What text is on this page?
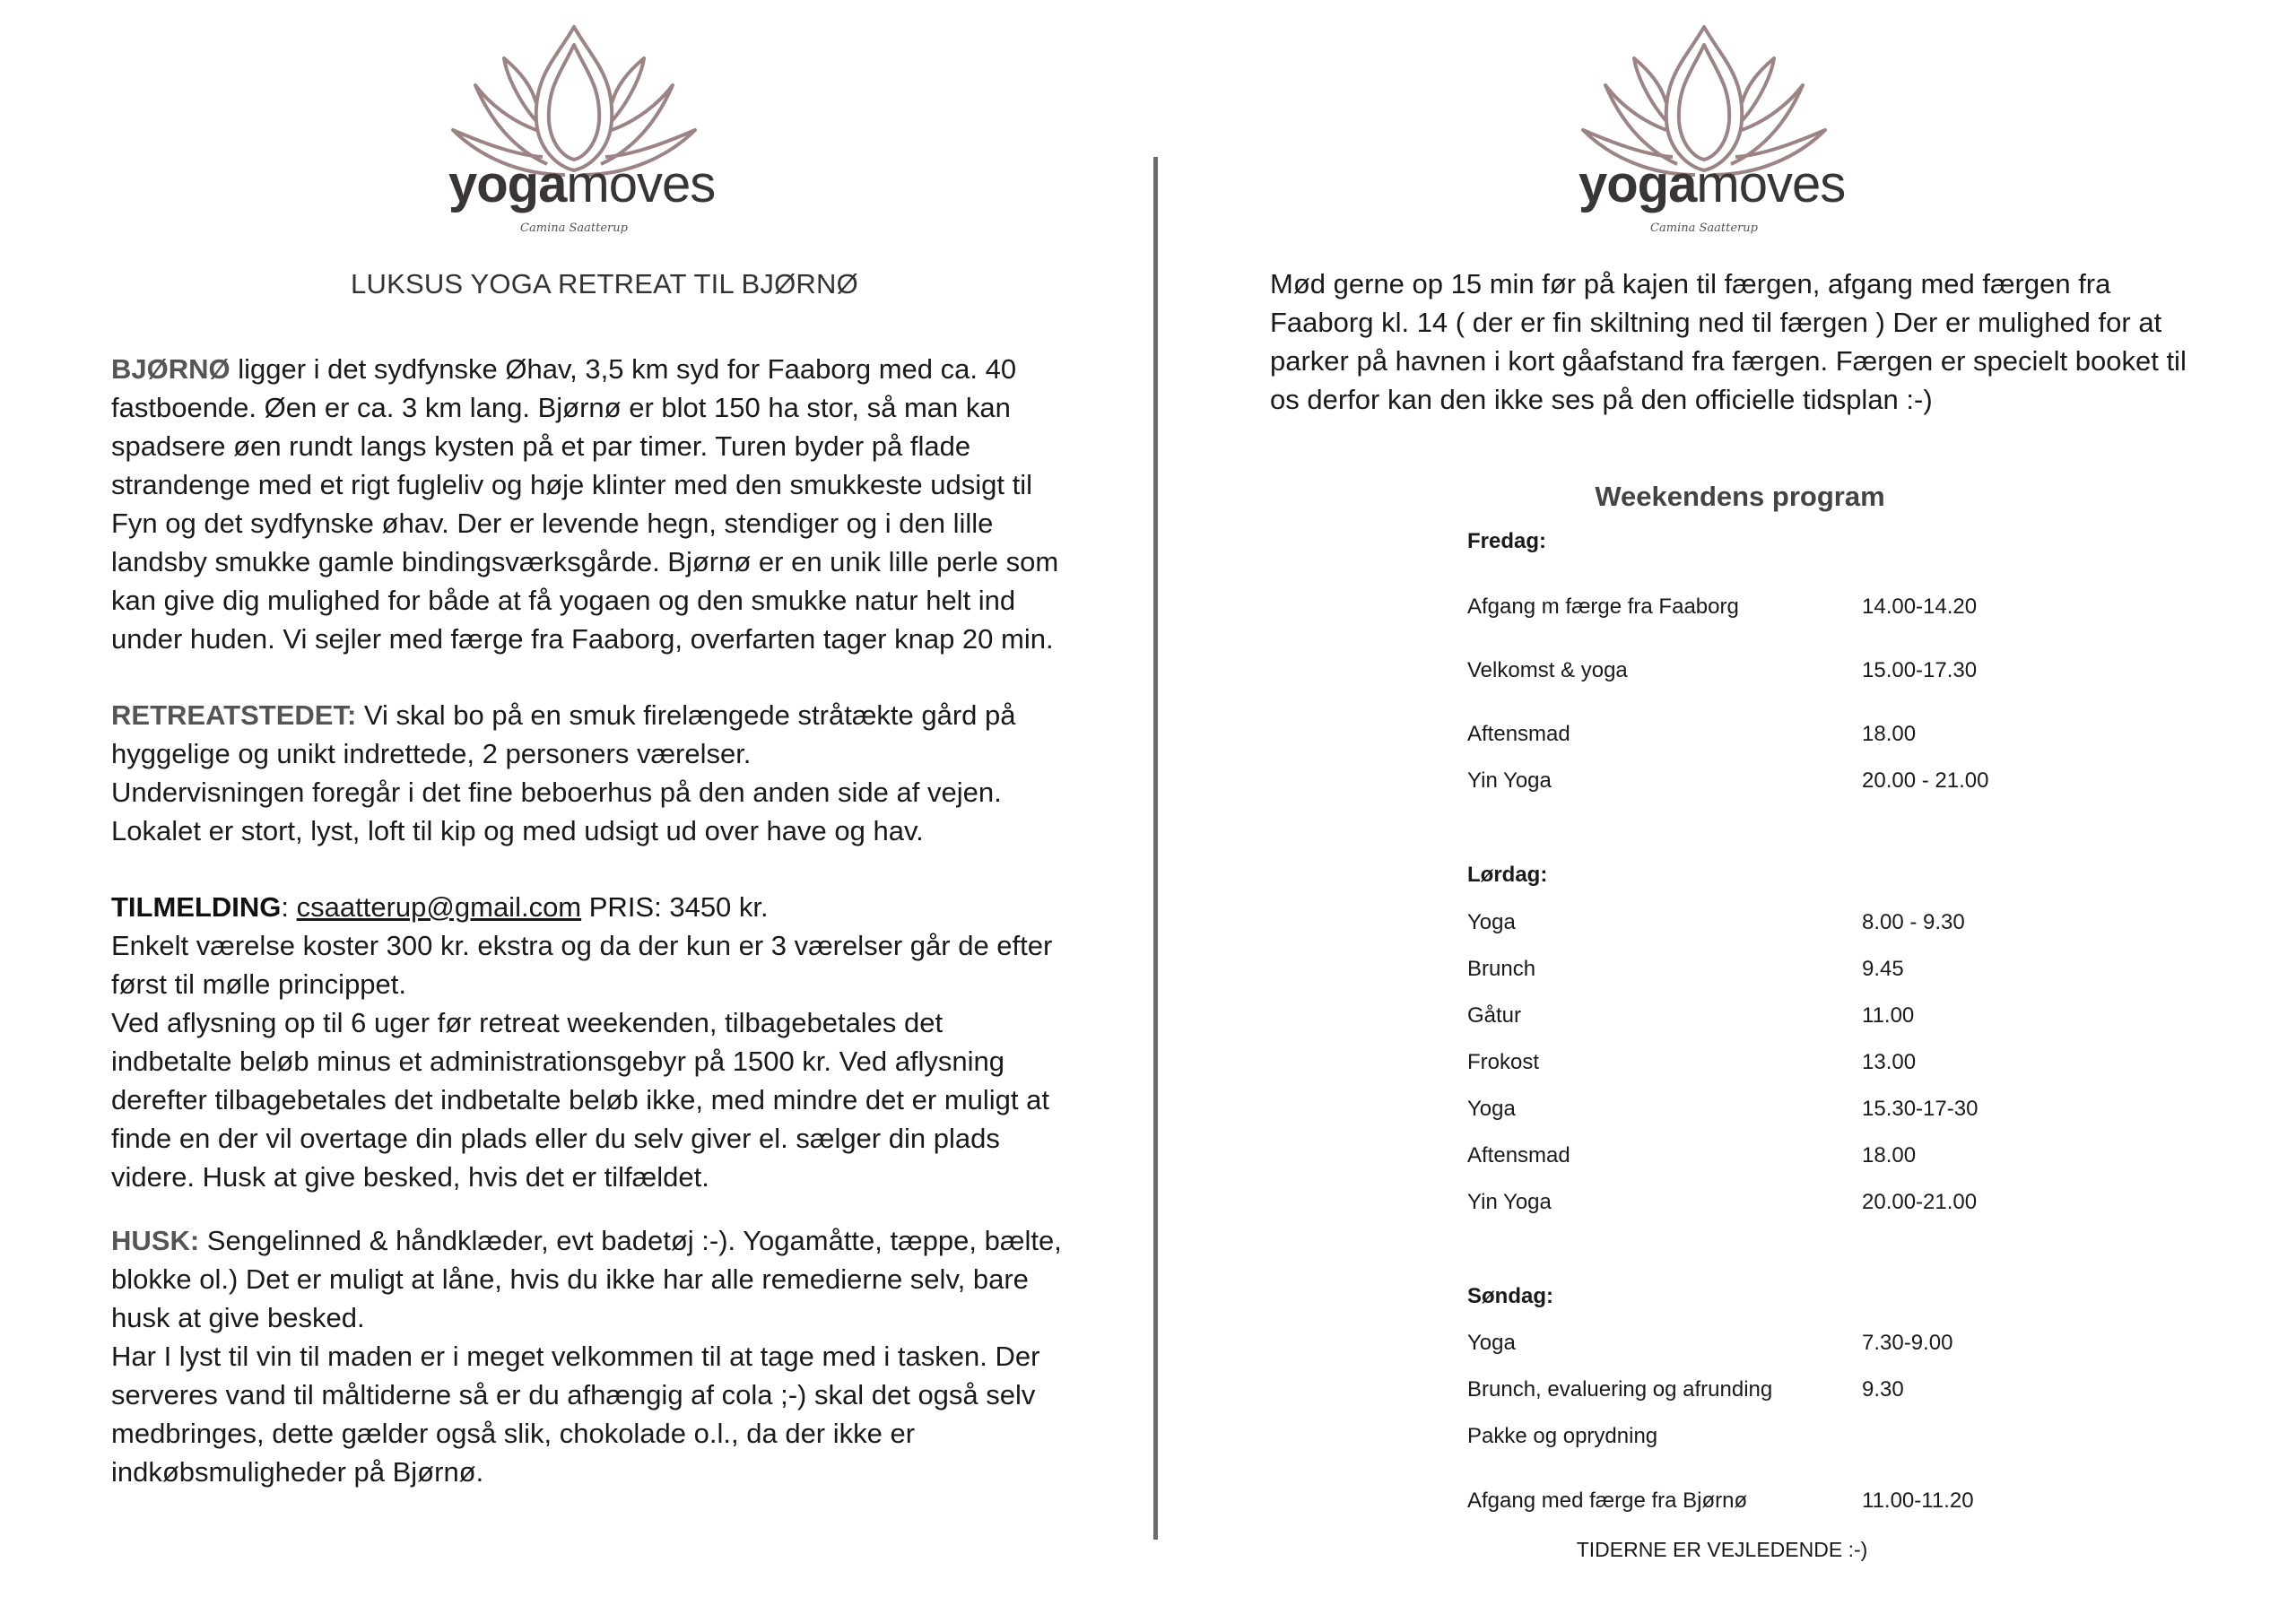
yogamoves
Camina Saatterup
yogamoves
Camina Saatterup
LUKSUS YOGA RETREAT TIL BJØRNØ

BJØRNØ ligger i det sydfynske Øhav, 3,5 km syd for Faaborg med ca. 40 fastboende. Øen er ca. 3 km lang. Bjørnø er blot 150 ha stor, så man kan spadsere øen rundt langs kysten på et par timer. Turen byder på flade strandenge med et rigt fugleliv og høje klinter med den smukkeste udsigt til Fyn og det sydfynske øhav. Der er levende hegn, stendiger og i den lille landsby smukke gamle bindingsværksgårde. Bjørnø er en unik lille perle som kan give dig mulighed for både at få yogaen og den smukke natur helt ind under huden. Vi sejler med færge fra Faaborg, overfarten tager knap 20 min.

RETREATSTEDET: Vi skal bo på en smuk firelængede stråtækte gård på hyggelige og unikt indrettede, 2 personers værelser.
Undervisningen foregår i det fine beboerhus på den anden side af vejen.
Lokalet er stort, lyst, loft til kip og med udsigt ud over have og hav.

TILMELDING: csaatterup@gmail.com PRIS: 3450 kr.
Enkelt værelse koster 300 kr. ekstra og da der kun er 3 værelser går de efter først til mølle princippet.
Ved aflysning op til 6 uger før retreat weekenden, tilbagebetales det indbetalte beløb minus et administrationsgebyr på 1500 kr. Ved aflysning derefter tilbagebetales det indbetalte beløb ikke, med mindre det er muligt at finde en der vil overtage din plads eller du selv giver el. sælger din plads videre. Husk at give besked, hvis det er tilfældet.

HUSK: Sengelinned & håndklæder, evt badetøj :-). Yogamåtte, tæppe, bælte, blokke ol.) Det er muligt at låne, hvis du ikke har alle remedierne selv, bare husk at give besked.
Har I lyst til vin til maden er i meget velkommen til at tage med i tasken. Der serveres vand til måltiderne så er du afhængig af cola ;-) skal det også selv medbringes, dette gælder også slik, chokolade o.l., da der ikke er indkøbsmuligheder på Bjørnø.

Mød gerne op 15 min før på kajen til færgen, afgang med færgen fra Faaborg kl. 14 ( der er fin skiltning ned til færgen ) Der er mulighed for at parker på havnen i kort gåafstand fra færgen. Færgen er specielt booket til os derfor kan den ikke ses på den officielle tidsplan :-)

Weekendens program
Fredag:
Afgang m færge fra Faaborg	14.00-14.20
Velkomst & yoga	15.00-17.30
Aftensmad	18.00
Yin Yoga	20.00 - 21.00
Lørdag:
Yoga	8.00 - 9.30
Brunch	9.45
Gåtur	11.00
Frokost	13.00
Yoga	15.30-17-30
Aftensmad	18.00
Yin Yoga	20.00-21.00
Søndag:
Yoga	7.30-9.00
Brunch, evaluering og afrunding	9.30
Pakke og oprydning
Afgang med færge fra Bjørnø	11.00-11.20
TIDERNE ER VEJLEDENDE :-)
